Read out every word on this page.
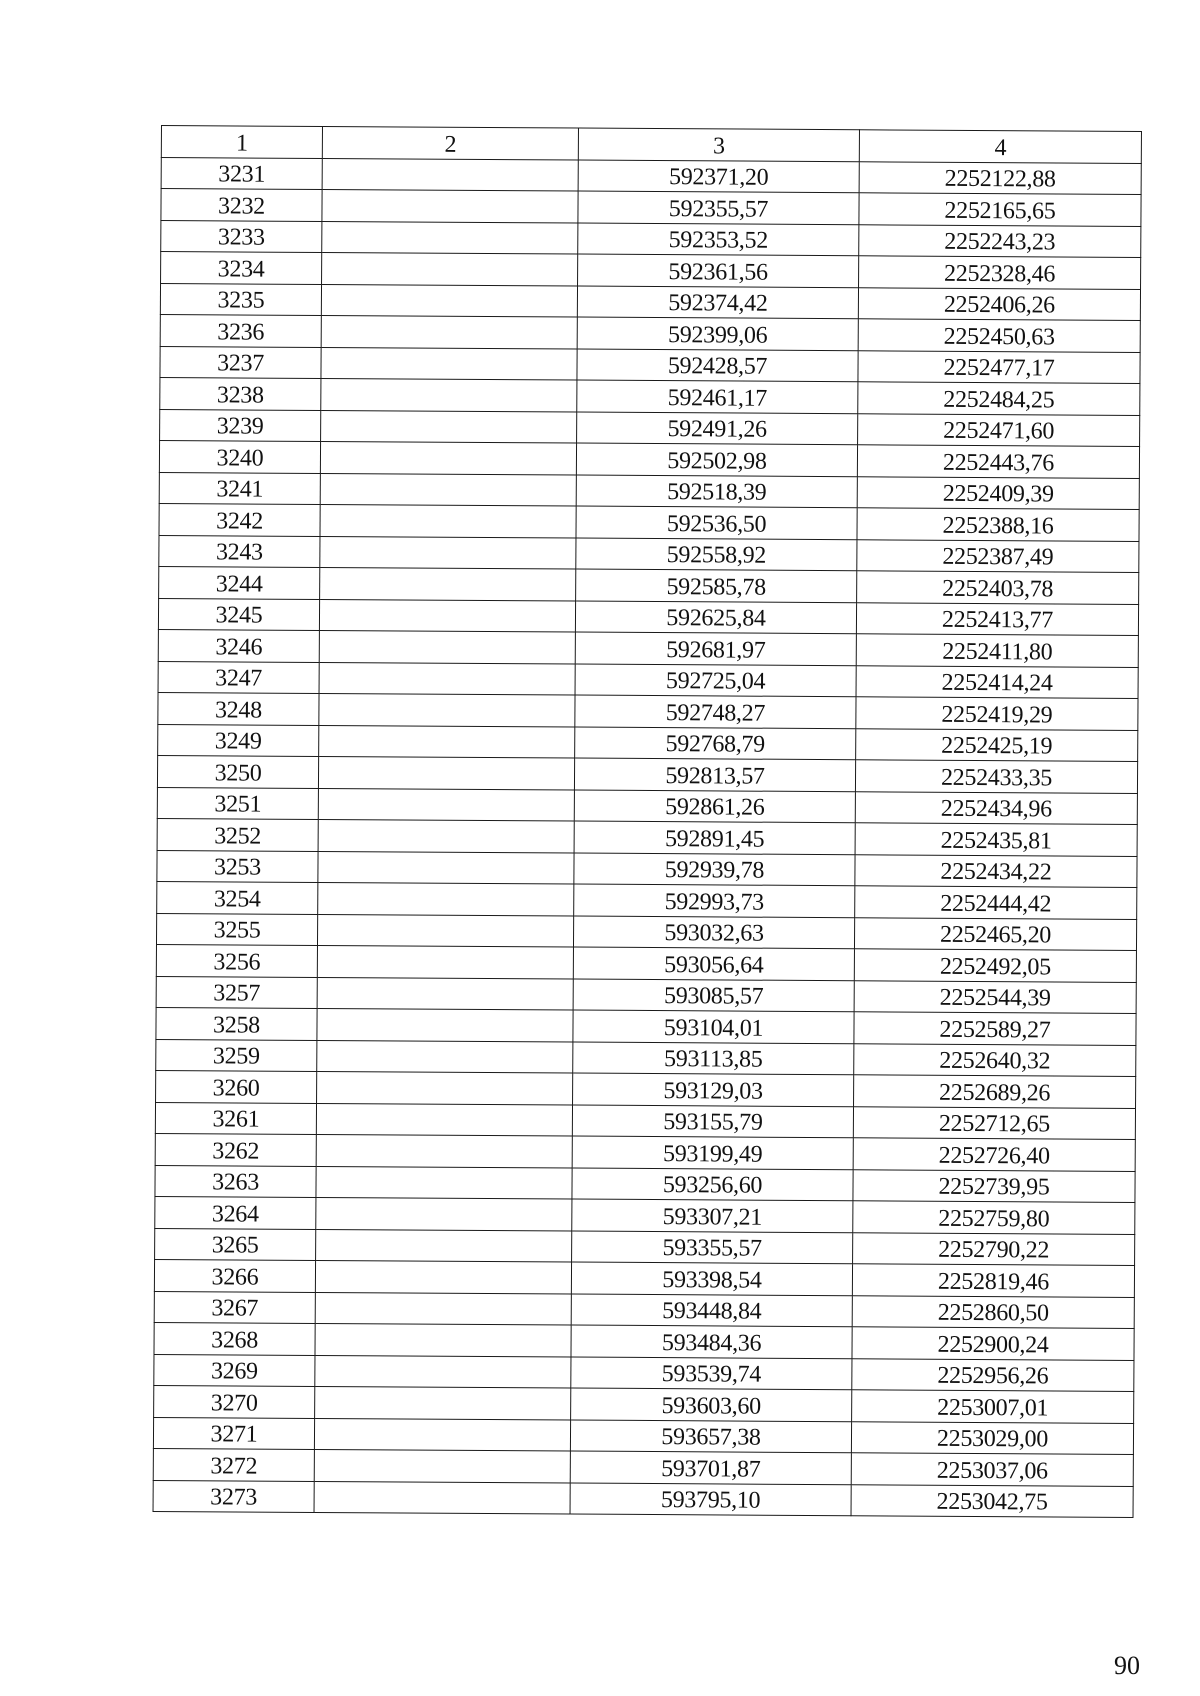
1	2	3	4
3231		592371,20	2252122,88
3232		592355,57	2252165,65
3233		592353,52	2252243,23
3234		592361,56	2252328,46
3235		592374,42	2252406,26
3236		592399,06	2252450,63
3237		592428,57	2252477,17
3238		592461,17	2252484,25
3239		592491,26	2252471,60
3240		592502,98	2252443,76
3241		592518,39	2252409,39
3242		592536,50	2252388,16
3243		592558,92	2252387,49
3244		592585,78	2252403,78
3245		592625,84	2252413,77
3246		592681,97	2252411,80
3247		592725,04	2252414,24
3248		592748,27	2252419,29
3249		592768,79	2252425,19
3250		592813,57	2252433,35
3251		592861,26	2252434,96
3252		592891,45	2252435,81
3253		592939,78	2252434,22
3254		592993,73	2252444,42
3255		593032,63	2252465,20
3256		593056,64	2252492,05
3257		593085,57	2252544,39
3258		593104,01	2252589,27
3259		593113,85	2252640,32
3260		593129,03	2252689,26
3261		593155,79	2252712,65
3262		593199,49	2252726,40
3263		593256,60	2252739,95
3264		593307,21	2252759,80
3265		593355,57	2252790,22
3266		593398,54	2252819,46
3267		593448,84	2252860,50
3268		593484,36	2252900,24
3269		593539,74	2252956,26
3270		593603,60	2253007,01
3271		593657,38	2253029,00
3272		593701,87	2253037,06
3273		593795,10	2253042,75
90
